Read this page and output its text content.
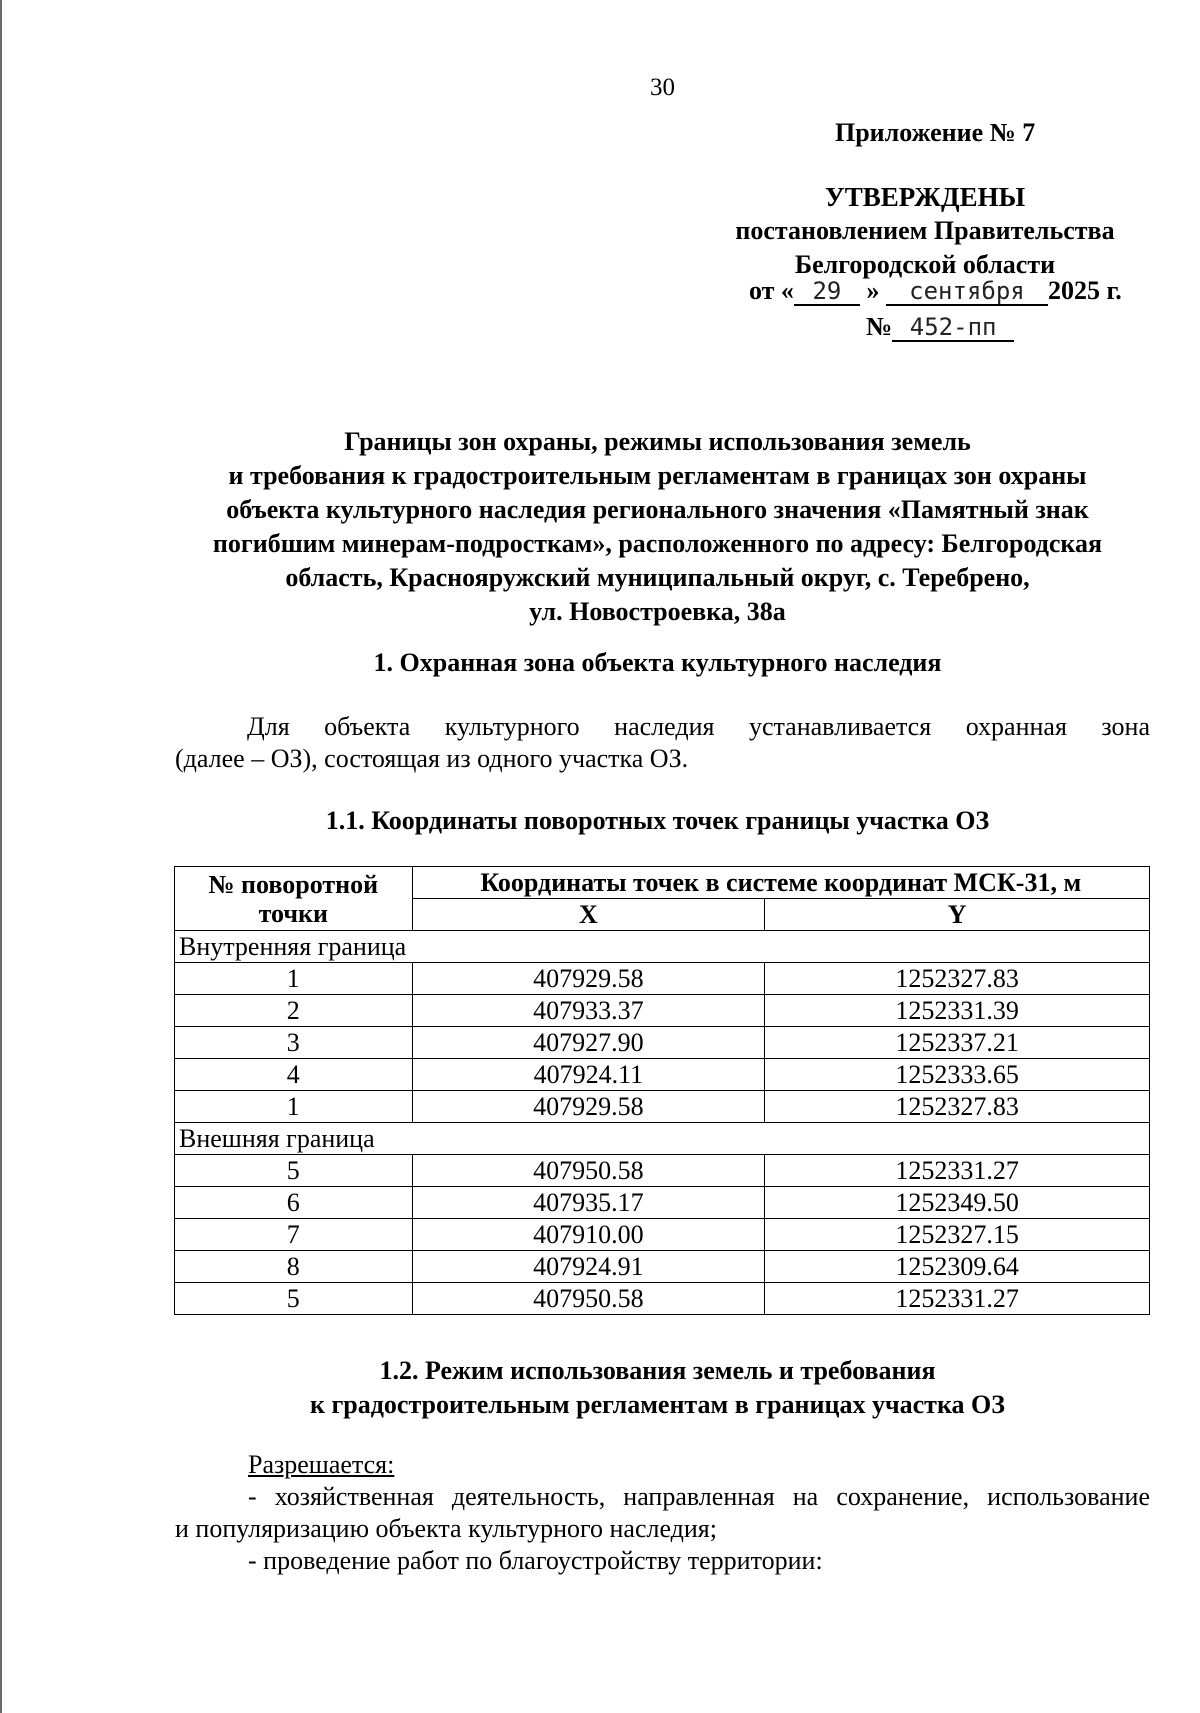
30
Приложение № 7
УТВЕРЖДЕНЫ
постановлением Правительства
Белгородской области
от « 29 » сентября 2025 г.
№ 452-пп
Границы зон охраны, режимы использования земель
и требования к градостроительным регламентам в границах зон охраны
объекта культурного наследия регионального значения «Памятный знак
погибшим минерам-подросткам», расположенного по адресу: Белгородская
область, Краснояружский муниципальный округ, с. Теребрено,
ул. Новостроевка, 38а
1. Охранная зона объекта культурного наследия
Для объекта культурного наследия устанавливается охранная зона
(далее – ОЗ), состоящая из одного участка ОЗ.
1.1. Координаты поворотных точек границы участка ОЗ
№ поворотной
точки	Координаты точек в системе координат МСК-31, м	
	X	Y
Внутренняя граница		
1	407929.58	1252327.83
2	407933.37	1252331.39
3	407927.90	1252337.21
4	407924.11	1252333.65
1	407929.58	1252327.83
Внешняя граница		
5	407950.58	1252331.27
6	407935.17	1252349.50
7	407910.00	1252327.15
8	407924.91	1252309.64
5	407950.58	1252331.27
1.2. Режим использования земель и требования
к градостроительным регламентам в границах участка ОЗ
Разрешается:
- хозяйственная деятельность, направленная на сохранение, использование
и популяризацию объекта культурного наследия;
- проведение работ по благоустройству территории:
